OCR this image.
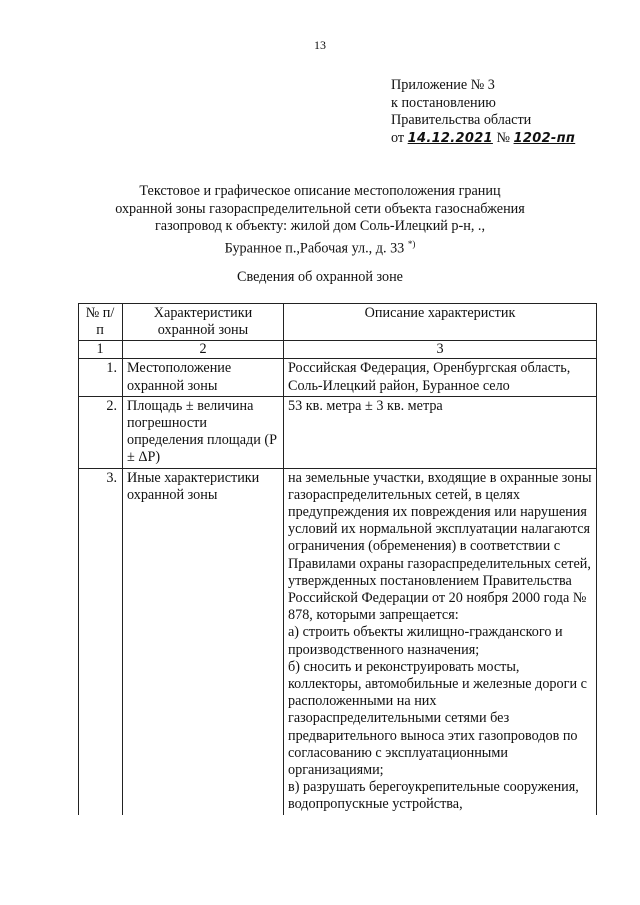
13
Приложение № 3
к постановлению
Правительства области
от 14.12.2021 № 1202-пп
Текстовое и графическое описание местоположения границ
охранной зоны газораспределительной сети объекта газоснабжения
газопровод к объекту: жилой дом Соль-Илецкий р-н, .,
Буранное п.,Рабочая ул., д. 33 *)
Сведения об охранной зоне
№ п/п	Характеристики охранной зоны	Описание характеристик
1	2	3
1.	Местоположение охранной зоны	Российская Федерация, Оренбургская область, Соль-Илецкий район, Буранное село

2.	Площадь ± величина погрешности определения площади (Р ± ΔР)	53 кв. метра ± 3 кв. метра

3.	Иные характеристики охранной зоны	на земельные участки, входящие в охранные зоны газораспределительных сетей, в целях предупреждения их повреждения или нарушения условий их нормальной эксплуатации налагаются ограничения (обременения) в соответствии с Правилами охраны газораспределительных сетей, утвержденных постановлением Правительства Российской Федерации от 20 ноября 2000 года № 878, которыми запрещается:
а) строить объекты жилищно-гражданского и производственного назначения;
б) сносить и реконструировать мосты, коллекторы, автомобильные и железные дороги с расположенными на них газораспределительными сетями без предварительного выноса этих газопроводов по согласованию с эксплуатационными организациями;
в) разрушать берегоукрепительные сооружения, водопропускные устройства,
